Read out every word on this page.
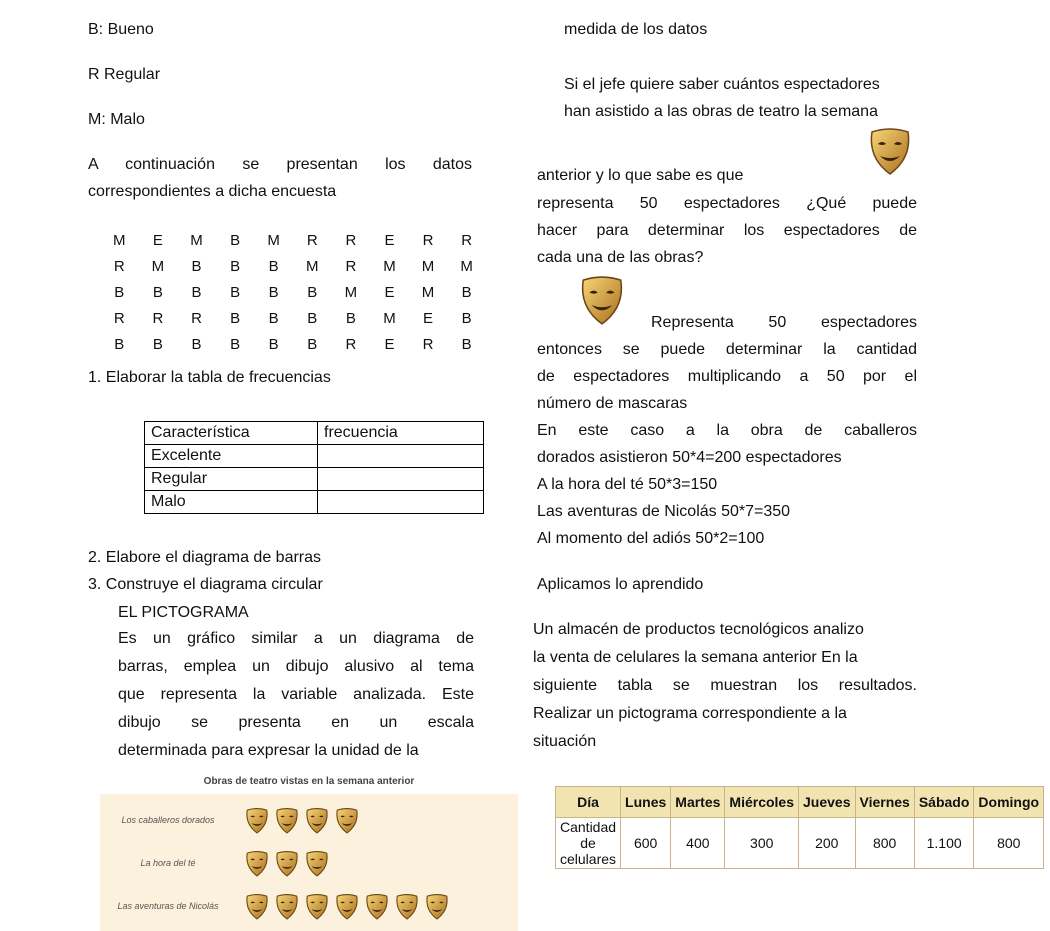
B: Bueno
R Regular
M: Malo
A continuación se presentan los datos
correspondientes a dicha encuesta
M E M B M R R E R R
R M B B B M R M M M
B B B B B B M E M B
R R R B B B B M E B
B B B B B B R E R B
1. Elaborar la tabla de frecuencias
Característica	frecuencia
Excelente	
Regular	
Malo	
2. Elabore el diagrama de barras
3. Construye el diagrama circular
EL PICTOGRAMA
Es un gráfico similar a un diagrama de
barras, emplea un dibujo alusivo al tema
que representa la variable analizada. Este
dibujo se presenta en un escala
determinada para expresar la unidad de la
Obras de teatro vistas en la semana anterior
Los caballeros dorados
La hora del té
Las aventuras de Nicolás
medida de los datos
Si el jefe quiere saber cuántos espectadores
han asistido a las obras de teatro la semana
anterior y lo que sabe es que
representa 50 espectadores ¿Qué puede
hacer para determinar los espectadores de
cada una de las obras?
Representa 50 espectadores
entonces se puede determinar la cantidad
de espectadores multiplicando a 50 por el
número de mascaras
En este caso a la obra de caballeros
dorados asistieron 50*4=200 espectadores
A la hora del té 50*3=150
Las aventuras de Nicolás 50*7=350
Al momento del adiós 50*2=100
Aplicamos lo aprendido
Un almacén de productos tecnológicos analizo
la venta de celulares la semana anterior En la
siguiente tabla se muestran los resultados.
Realizar un pictograma correspondiente a la
situación
Día	Lunes	Martes	Miércoles	Jueves	Viernes	Sábado	Domingo
Cantidad de celulares	600	400	300	200	800	1.100	800
